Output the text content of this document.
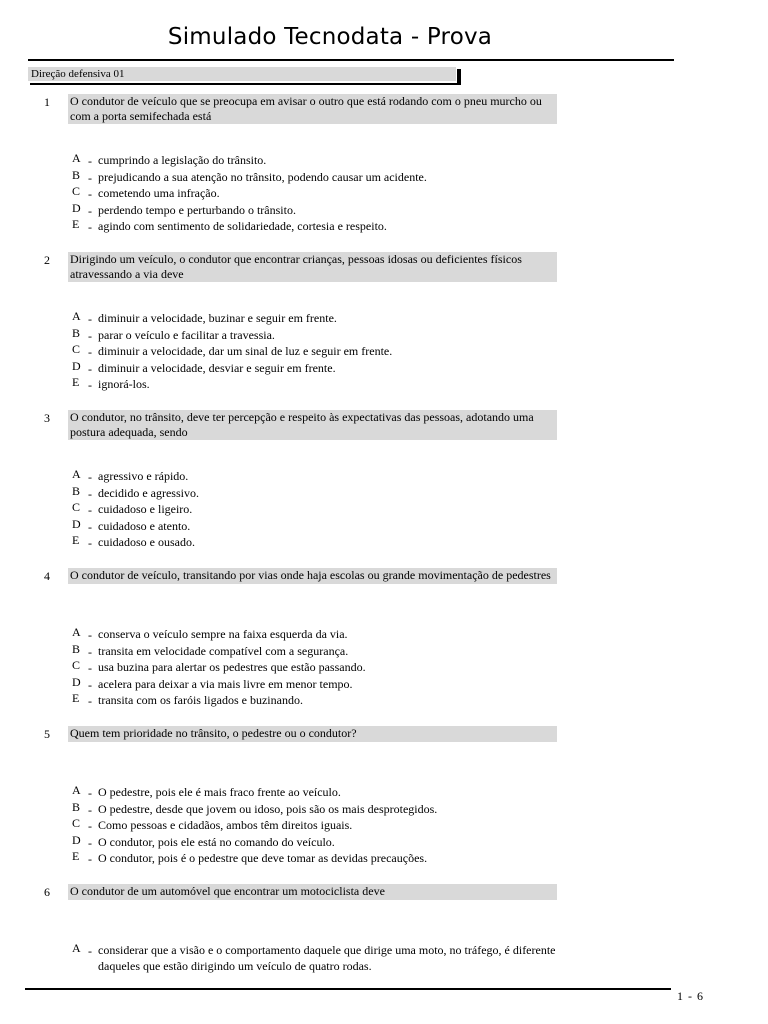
Simulado Tecnodata - Prova
Direção defensiva 01
1 O condutor de veículo que se preocupa em avisar o outro que está rodando com o pneu murcho ou com a porta semifechada está
A - cumprindo a legislação do trânsito.
B - prejudicando a sua atenção no trânsito, podendo causar um acidente.
C - cometendo uma infração.
D - perdendo tempo e perturbando o trânsito.
E - agindo com sentimento de solidariedade, cortesia e respeito.
2 Dirigindo um veículo, o condutor que encontrar crianças, pessoas idosas ou deficientes físicos atravessando a via deve
A - diminuir a velocidade, buzinar e seguir em frente.
B - parar o veículo e facilitar a travessia.
C - diminuir a velocidade, dar um sinal de luz e seguir em frente.
D - diminuir a velocidade, desviar e seguir em frente.
E - ignorá-los.
3 O condutor, no trânsito, deve ter percepção e respeito às expectativas das pessoas, adotando uma postura adequada, sendo
A - agressivo e rápido.
B - decidido e agressivo.
C - cuidadoso e ligeiro.
D - cuidadoso e atento.
E - cuidadoso e ousado.
4 O condutor de veículo, transitando por vias onde haja escolas ou grande movimentação de pedestres
A - conserva o veículo sempre na faixa esquerda da via.
B - transita em velocidade compatível com a segurança.
C - usa buzina para alertar os pedestres que estão passando.
D - acelera para deixar a via mais livre em menor tempo.
E - transita com os faróis ligados e buzinando.
5 Quem tem prioridade no trânsito, o pedestre ou o condutor?
A - O pedestre, pois ele é mais fraco frente ao veículo.
B - O pedestre, desde que jovem ou idoso, pois são os mais desprotegidos.
C - Como pessoas e cidadãos, ambos têm direitos iguais.
D - O condutor, pois ele está no comando do veículo.
E - O condutor, pois é o pedestre que deve tomar as devidas precauções.
6 O condutor de um automóvel que encontrar um motociclista deve
A - considerar que a visão e o comportamento daquele que dirige uma moto, no tráfego, é diferente daqueles que estão dirigindo um veículo de quatro rodas.
1 - 6
